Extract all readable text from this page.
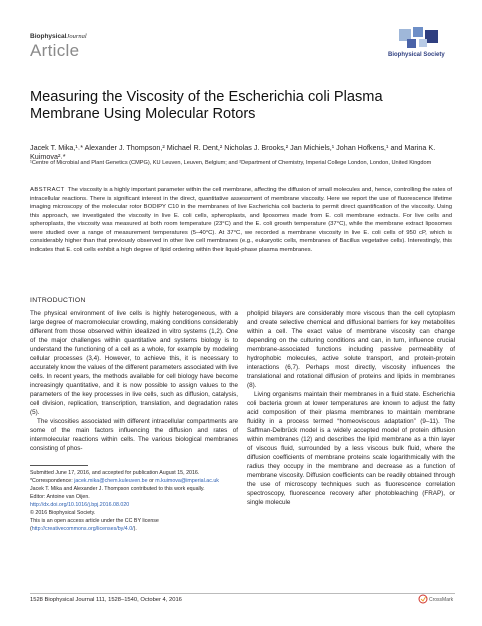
BiophysicalJournal
Article	Biophysical Society
Measuring the Viscosity of the Escherichia coli Plasma Membrane Using Molecular Rotors
Jacek T. Mika,¹˒* Alexander J. Thompson,² Michael R. Dent,² Nicholas J. Brooks,² Jan Michiels,¹ Johan Hofkens,¹ and Marina K. Kuimova²˒*
¹Centre of Microbial and Plant Genetics (CMPG), KU Leuven, Leuven, Belgium; and ²Department of Chemistry, Imperial College London, London, United Kingdom
ABSTRACT The viscosity is a highly important parameter within the cell membrane, affecting the diffusion of small molecules and, hence, controlling the rates of intracellular reactions. There is significant interest in the direct, quantitative assessment of membrane viscosity. Here we report the use of fluorescence lifetime imaging microscopy of the molecular rotor BODIPY C10 in the membranes of live Escherichia coli bacteria to permit direct quantification of the viscosity. Using this approach, we investigated the viscosity in live E. coli cells, spheroplasts, and liposomes made from E. coli membrane extracts. For live cells and spheroplasts, the viscosity was measured at both room temperature (23°C) and the E. coli growth temperature (37°C), while the membrane extract liposomes were studied over a range of measurement temperatures (5–40°C). At 37°C, we recorded a membrane viscosity in live E. coli cells of 950 cP, which is considerably higher than that previously observed in other live cell membranes (e.g., eukaryotic cells, membranes of Bacillus vegetative cells). Interestingly, this indicates that E. coli cells exhibit a high degree of lipid ordering within their liquid-phase plasma membranes.
INTRODUCTION

The physical environment of live cells is highly heterogeneous, with a large degree of macromolecular crowding, making conditions considerably different from those observed within idealized in vitro systems (1,2). One of the major challenges within quantitative and systems biology is to understand the functioning of a cell as a whole, for example by modeling cellular processes (3,4). However, to achieve this, it is necessary to accurately know the values of the different parameters associated with live cells. In recent years, the methods available for cell biology have become increasingly quantitative, and it is now possible to assign values to the parameters of the key processes in live cells, such as diffusion, catalysis, cell division, replication, transcription, translation, and degradation rates (5).

The viscosities associated with different intracellular compartments are some of the main factors influencing the diffusion and rates of intermolecular reactions within cells. The various biological membranes consisting of phos-

pholipid bilayers are considerably more viscous than the cell cytoplasm and create selective chemical and diffusional barriers for key metabolites within a cell. The exact value of membrane viscosity can change depending on the culturing conditions and can, in turn, influence crucial membrane-associated functions including passive permeability of hydrophobic molecules, active solute transport, and protein-protein interactions (6,7). Perhaps most directly, viscosity influences the translational and rotational diffusion of proteins and lipids in membranes (8).

Living organisms maintain their membranes in a fluid state. Escherichia coli bacteria grown at lower temperatures are known to adjust the fatty acid composition of their plasma membranes to maintain membrane fluidity in a process termed “homeoviscous adaptation” (9–11). The Saffman-Delbrück model is a widely accepted model of protein diffusion within membranes (12) and describes the lipid membrane as a thin layer of viscous fluid, surrounded by a less viscous bulk fluid, where the diffusion coefficients of membrane proteins scale logarithmically with the radius they occupy in the membrane and decrease as a function of membrane viscosity. Diffusion coefficients can be readily obtained through the use of microscopy techniques such as fluorescence correlation spectroscopy, fluorescence recovery after photobleaching (FRAP), or single molecule

Submitted June 17, 2016, and accepted for publication August 15, 2016.
*Correspondence: jacek.mika@chem.kuleuven.be or m.kuimova@imperial.ac.uk
Jacek T. Mika and Alexander J. Thompson contributed to this work equally.
Editor: Antoine van Oijen.
http://dx.doi.org/10.1016/j.bpj.2016.08.020
© 2016 Biophysical Society.
This is an open access article under the CC BY license (http://creativecommons.org/licenses/by/4.0/).
1528 Biophysical Journal 111, 1528–1540, October 4, 2016	CrossMark
